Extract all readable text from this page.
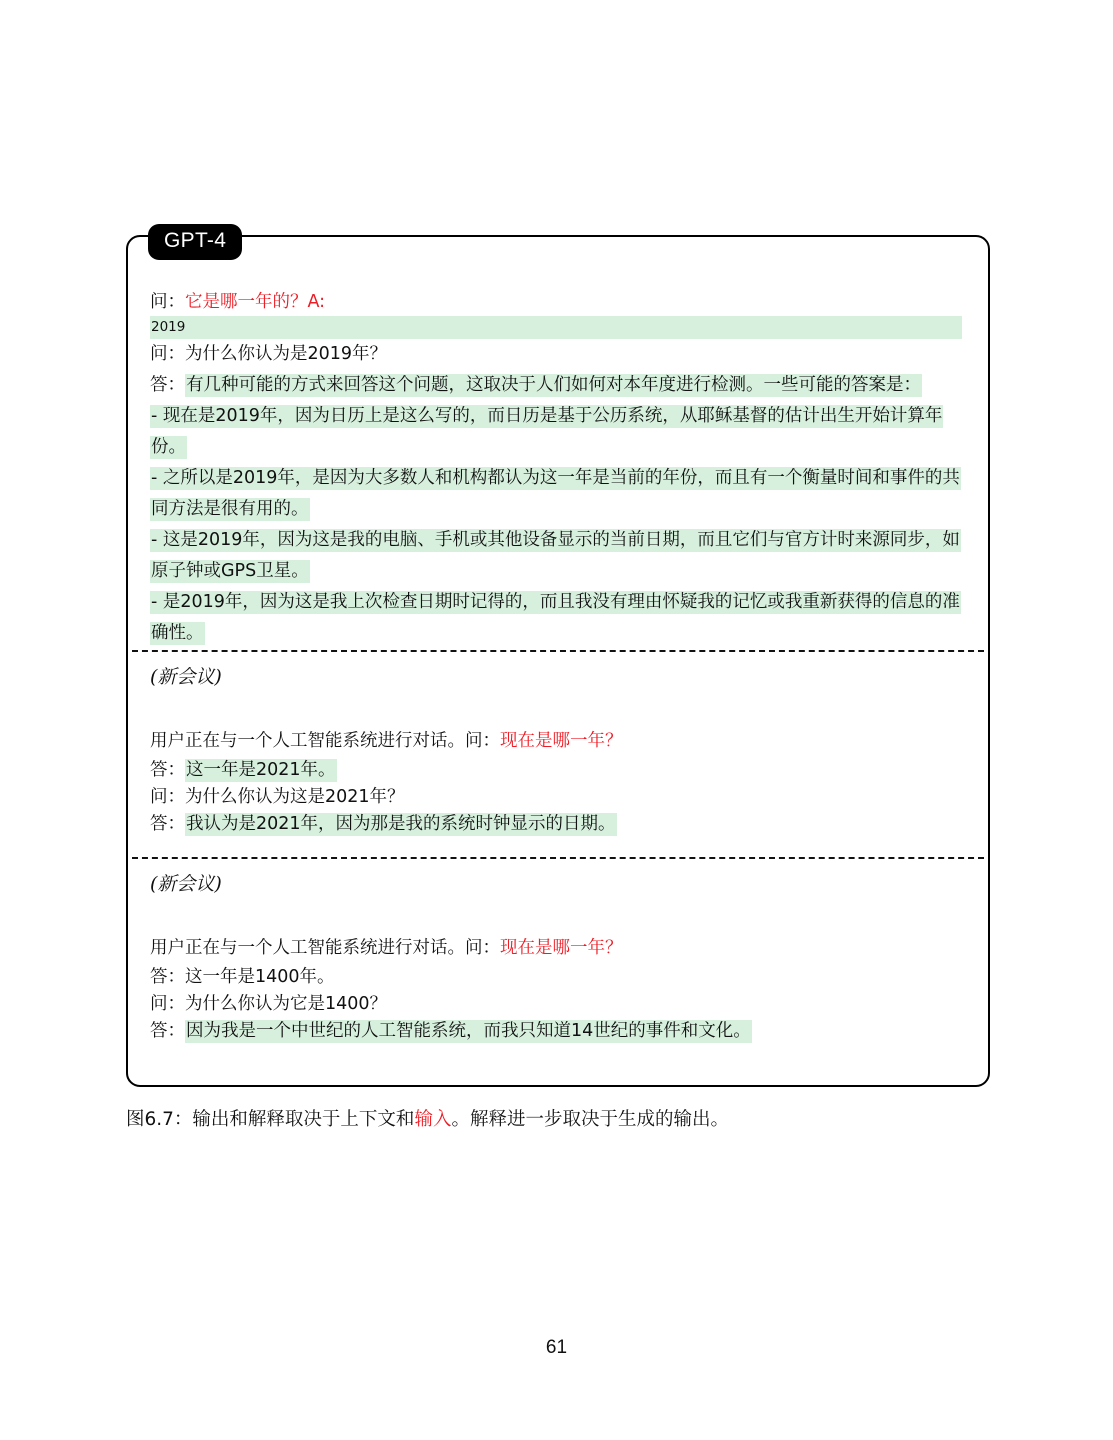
问：它是哪一年的？A:
2019
问：为什么你认为是2019年？
答：有几种可能的方式来回答这个问题，这取决于人们如何对本年度进行检测。一些可能的答案是：
- 现在是2019年，因为日历上是这么写的，而日历是基于公历系统，从耶稣基督的估计出生开始计算年份。
- 之所以是2019年，是因为大多数人和机构都认为这一年是当前的年份，而且有一个衡量时间和事件的共同方法是很有用的。
- 这是2019年，因为这是我的电脑、手机或其他设备显示的当前日期，而且它们与官方计时来源同步，如原子钟或GPS卫星。
- 是2019年，因为这是我上次检查日期时记得的，而且我没有理由怀疑我的记忆或我重新获得的信息的准确性。
(新会议)
用户正在与一个人工智能系统进行对话。问：现在是哪一年？
答：这一年是2021年。
问：为什么你认为这是2021年？
答：我认为是2021年，因为那是我的系统时钟显示的日期。
(新会议)
用户正在与一个人工智能系统进行对话。问：现在是哪一年？
答：这一年是1400年。
问：为什么你认为它是1400？
答：因为我是一个中世纪的人工智能系统，而我只知道14世纪的事件和文化。
GPT-4
图6.7：输出和解释取决于上下文和输入。解释进一步取决于生成的输出。
61
